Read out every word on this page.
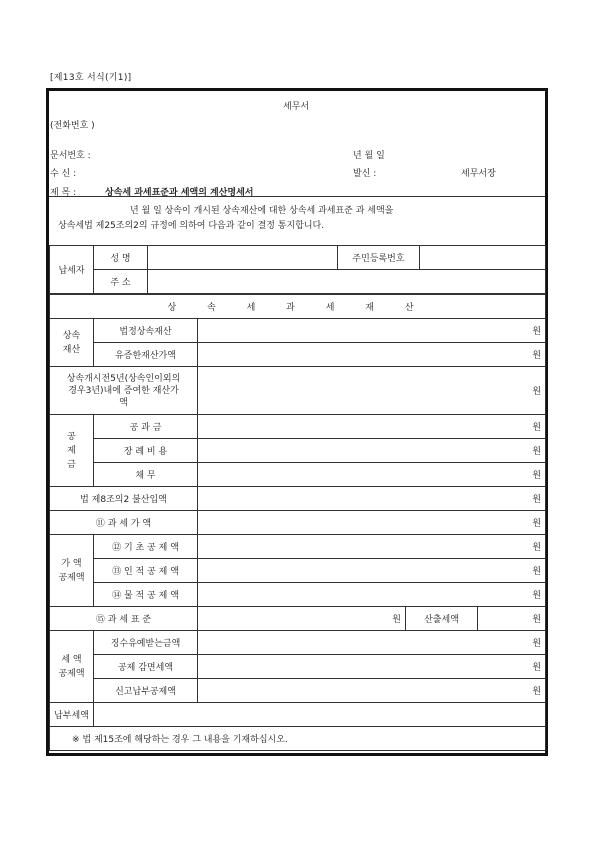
[제13호 서식(기1)]
세무서
(전화번호 )
문서번호 :	년 월 일
수 신 :	발신 :	세무서장
제 목 :	상속세 과세표준과 세액의 계산명세서
년 월 일 상속이 개시된 상속재산에 대한 상속세 과세표준 과 세액을
상속세법 제25조의2의 규정에 의하여 다음과 같이 결정 통지합니다.
납세자	성 명		주민등록번호	
	주 소			
상 속 세 과 세 재 산				
상속
재산	법정상속재산	원		
	유증한재산가액	원		
상속개시전5년(상속인이외의
경우3년)내에 증여한 재산가
액		원		
공
제
금	공 과 금	원		
	장 례 비 용	원		
	채 무	원		
법 제8조의2 불산입액		원		
⑪ 과 세 가 액		원		
가 액
공제액	⑫ 기 초 공 제 액	원		
	⑬ 인 적 공 제 액	원		
	⑭ 물 적 공 제 액	원		
⑮ 과 세 표 준		원	산출세액	원
세 액
공제액	징수유예받는금액	원		
	공제 감면세액	원		
	신고납부공제액	원		
납부세액				
※ 법 제15조에 해당하는 경우 그 내용을 기재하십시오.				
